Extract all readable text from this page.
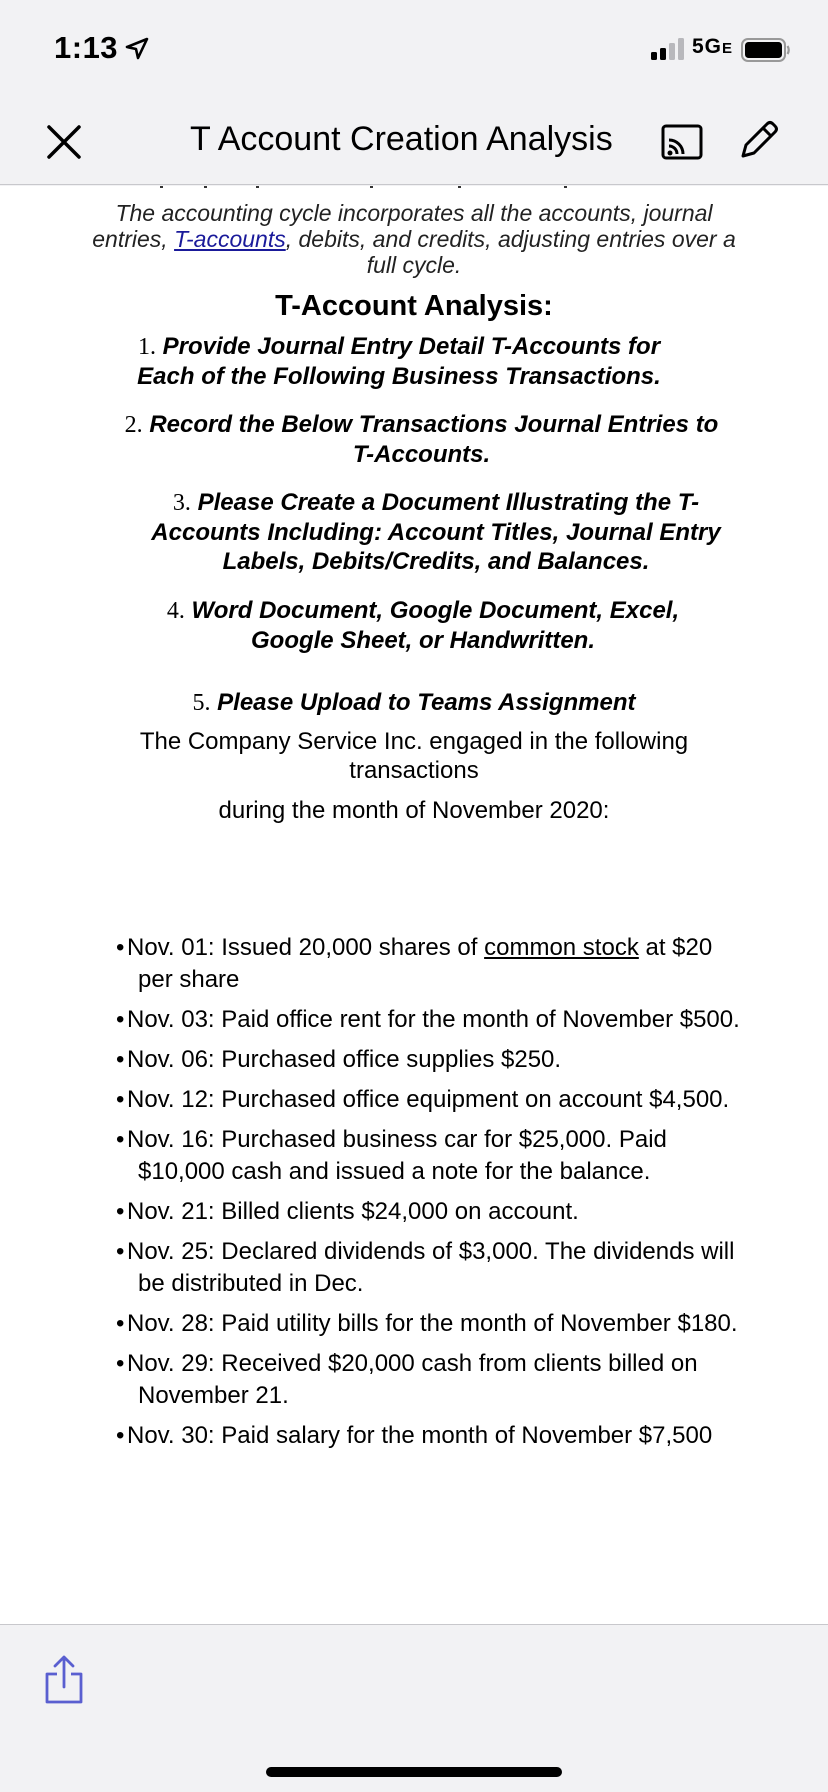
1:13	5GE
T Account Creation Analysis
The accounting cycle incorporates all the accounts, journal entries, T-accounts, debits, and credits, adjusting entries over a full cycle.
T-Account Analysis:
1. Provide Journal Entry Detail T-Accounts for Each of the Following Business Transactions.
2. Record the Below Transactions Journal Entries to T-Accounts.
3. Please Create a Document Illustrating the T-Accounts Including: Account Titles, Journal Entry Labels, Debits/Credits, and Balances.
4. Word Document, Google Document, Excel, Google Sheet, or Handwritten.
5. Please Upload to Teams Assignment
The Company Service Inc. engaged in the following transactions
during the month of November 2020:
• Nov. 01: Issued 20,000 shares of common stock at $20 per share
• Nov. 03: Paid office rent for the month of November $500.
• Nov. 06: Purchased office supplies $250.
• Nov. 12: Purchased office equipment on account $4,500.
• Nov. 16: Purchased business car for $25,000. Paid $10,000 cash and issued a note for the balance.
• Nov. 21: Billed clients $24,000 on account.
• Nov. 25: Declared dividends of $3,000. The dividends will be distributed in Dec.
• Nov. 28: Paid utility bills for the month of November $180.
• Nov. 29: Received $20,000 cash from clients billed on November 21.
• Nov. 30: Paid salary for the month of November $7,500
